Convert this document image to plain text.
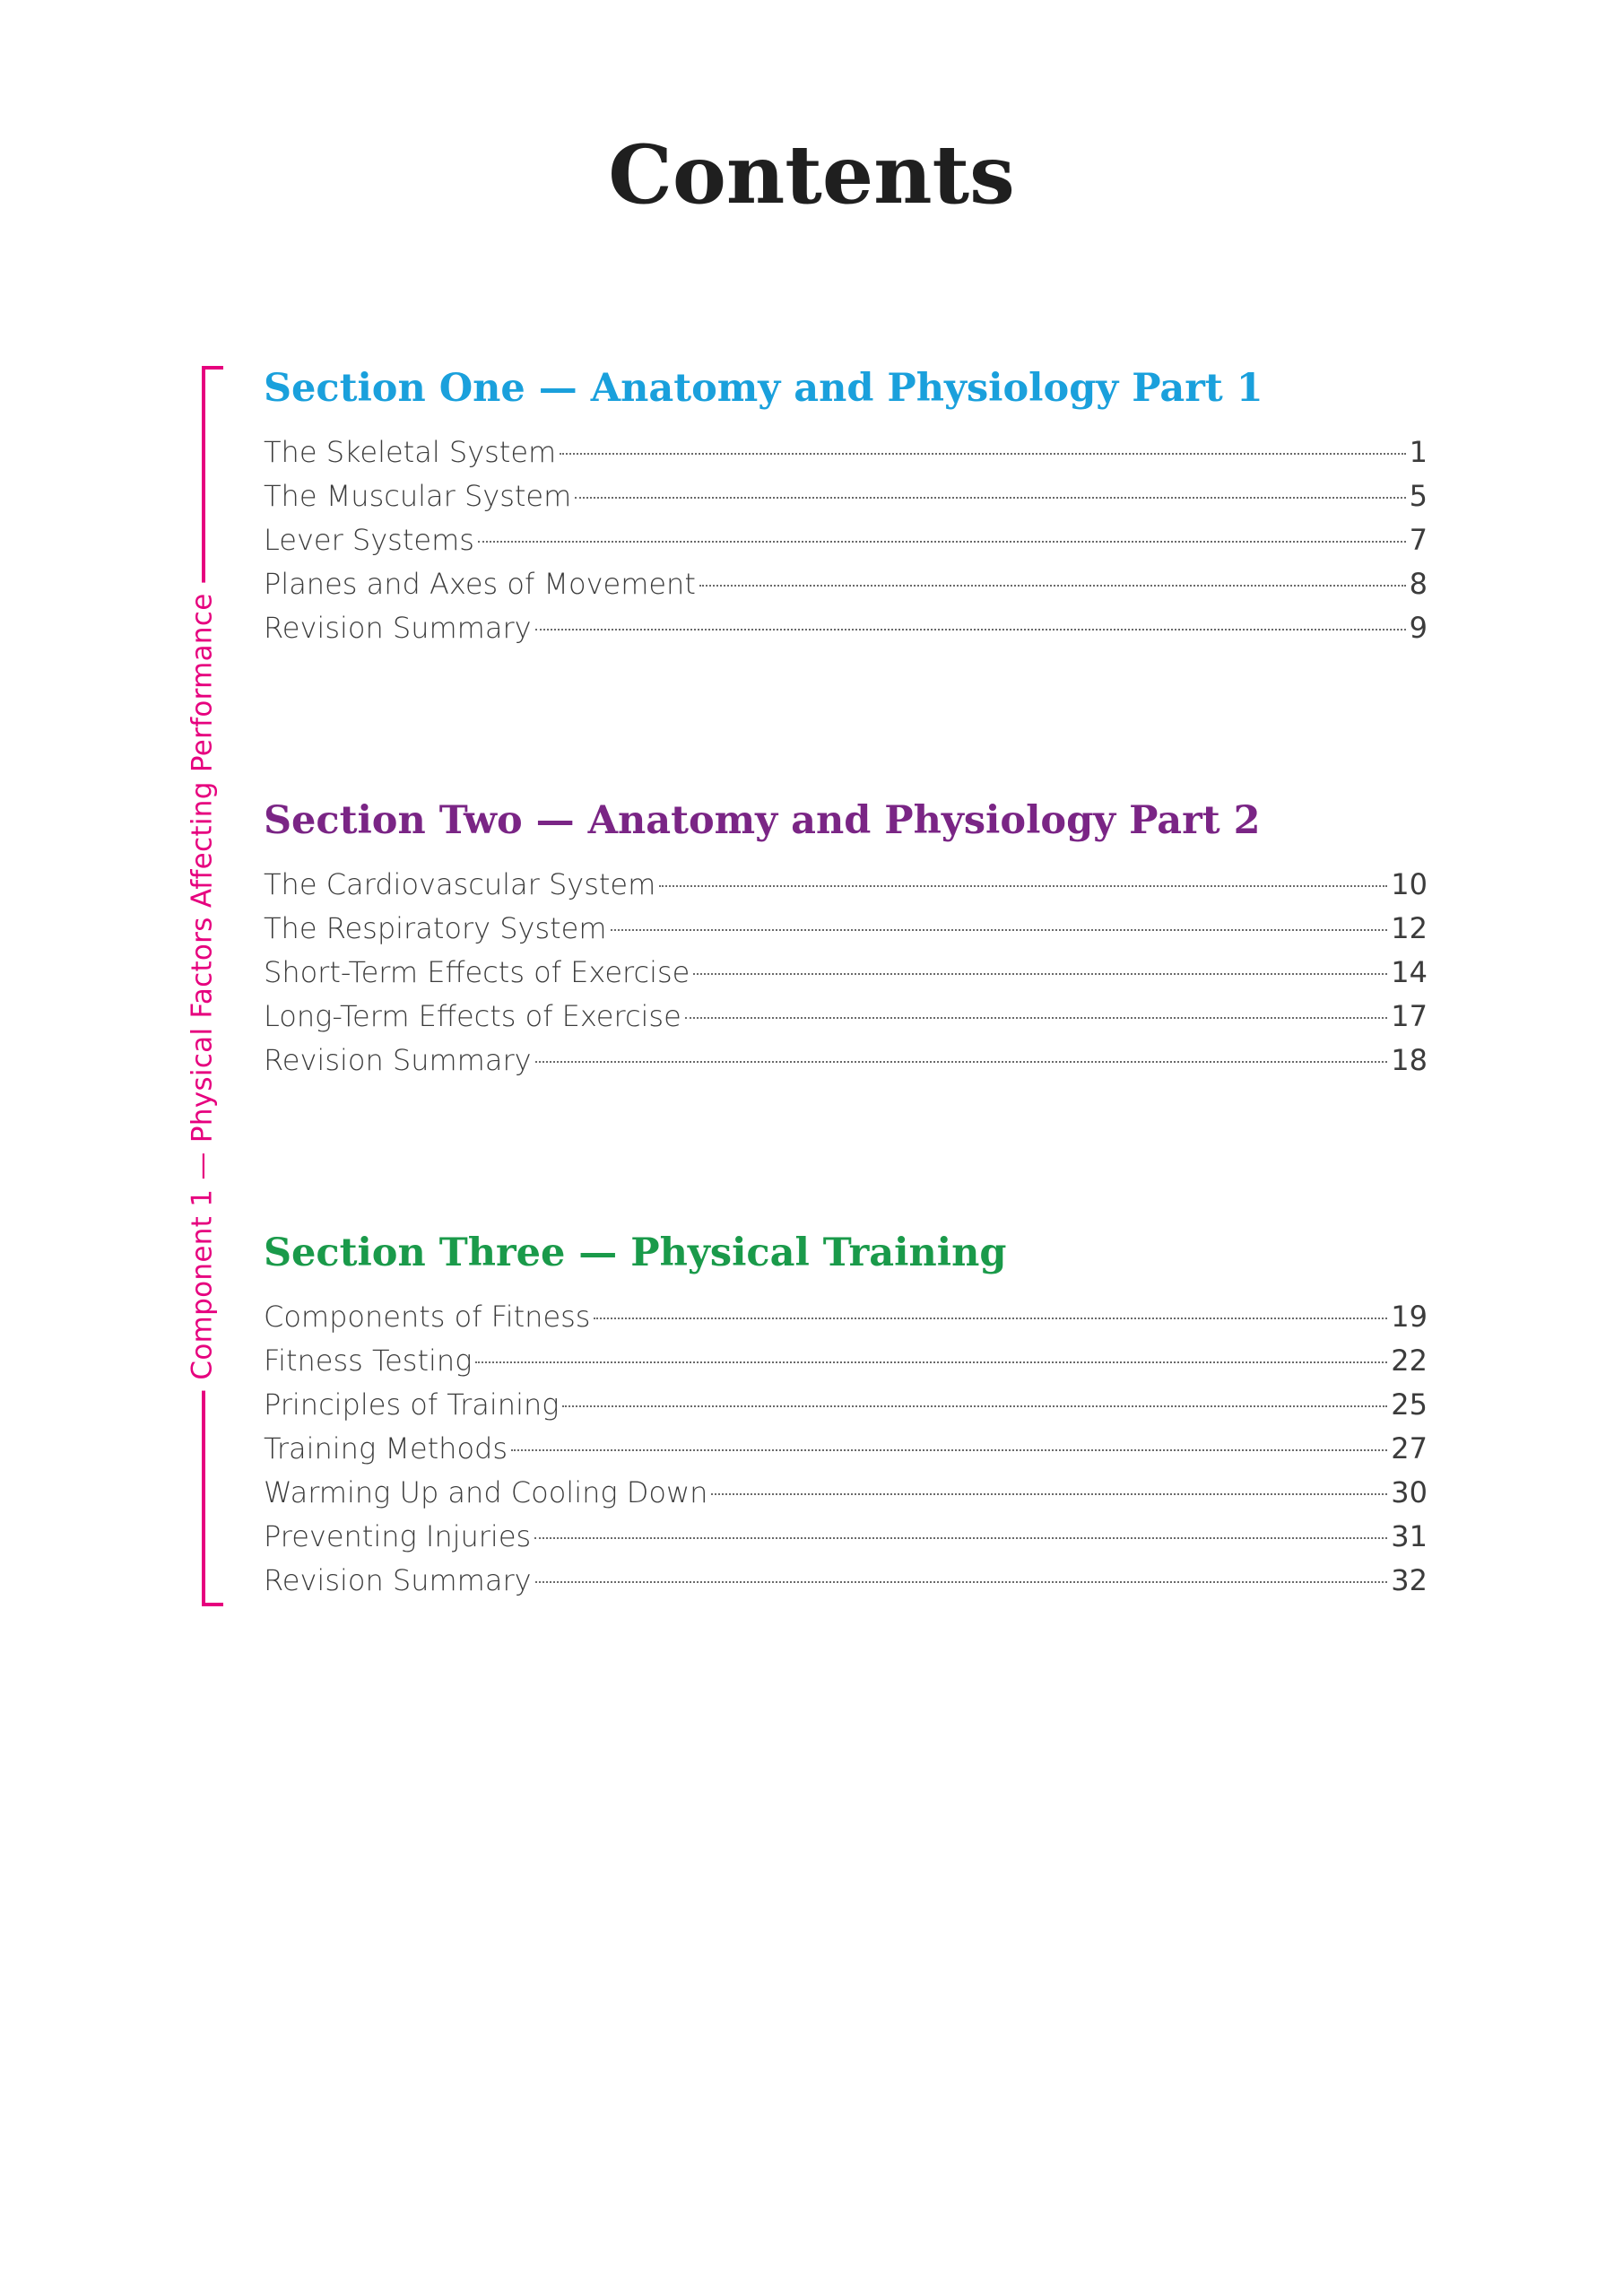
Contents
Component 1 — Physical Factors Affecting Performance
Section One — Anatomy and Physiology Part 1
The Skeletal System	1
The Muscular System	5
Lever Systems	7
Planes and Axes of Movement	8
Revision Summary	9
Section Two — Anatomy and Physiology Part 2
The Cardiovascular System	10
The Respiratory System	12
Short-Term Effects of Exercise	14
Long-Term Effects of Exercise	17
Revision Summary	18
Section Three — Physical Training
Components of Fitness	19
Fitness Testing	22
Principles of Training	25
Training Methods	27
Warming Up and Cooling Down	30
Preventing Injuries	31
Revision Summary	32
